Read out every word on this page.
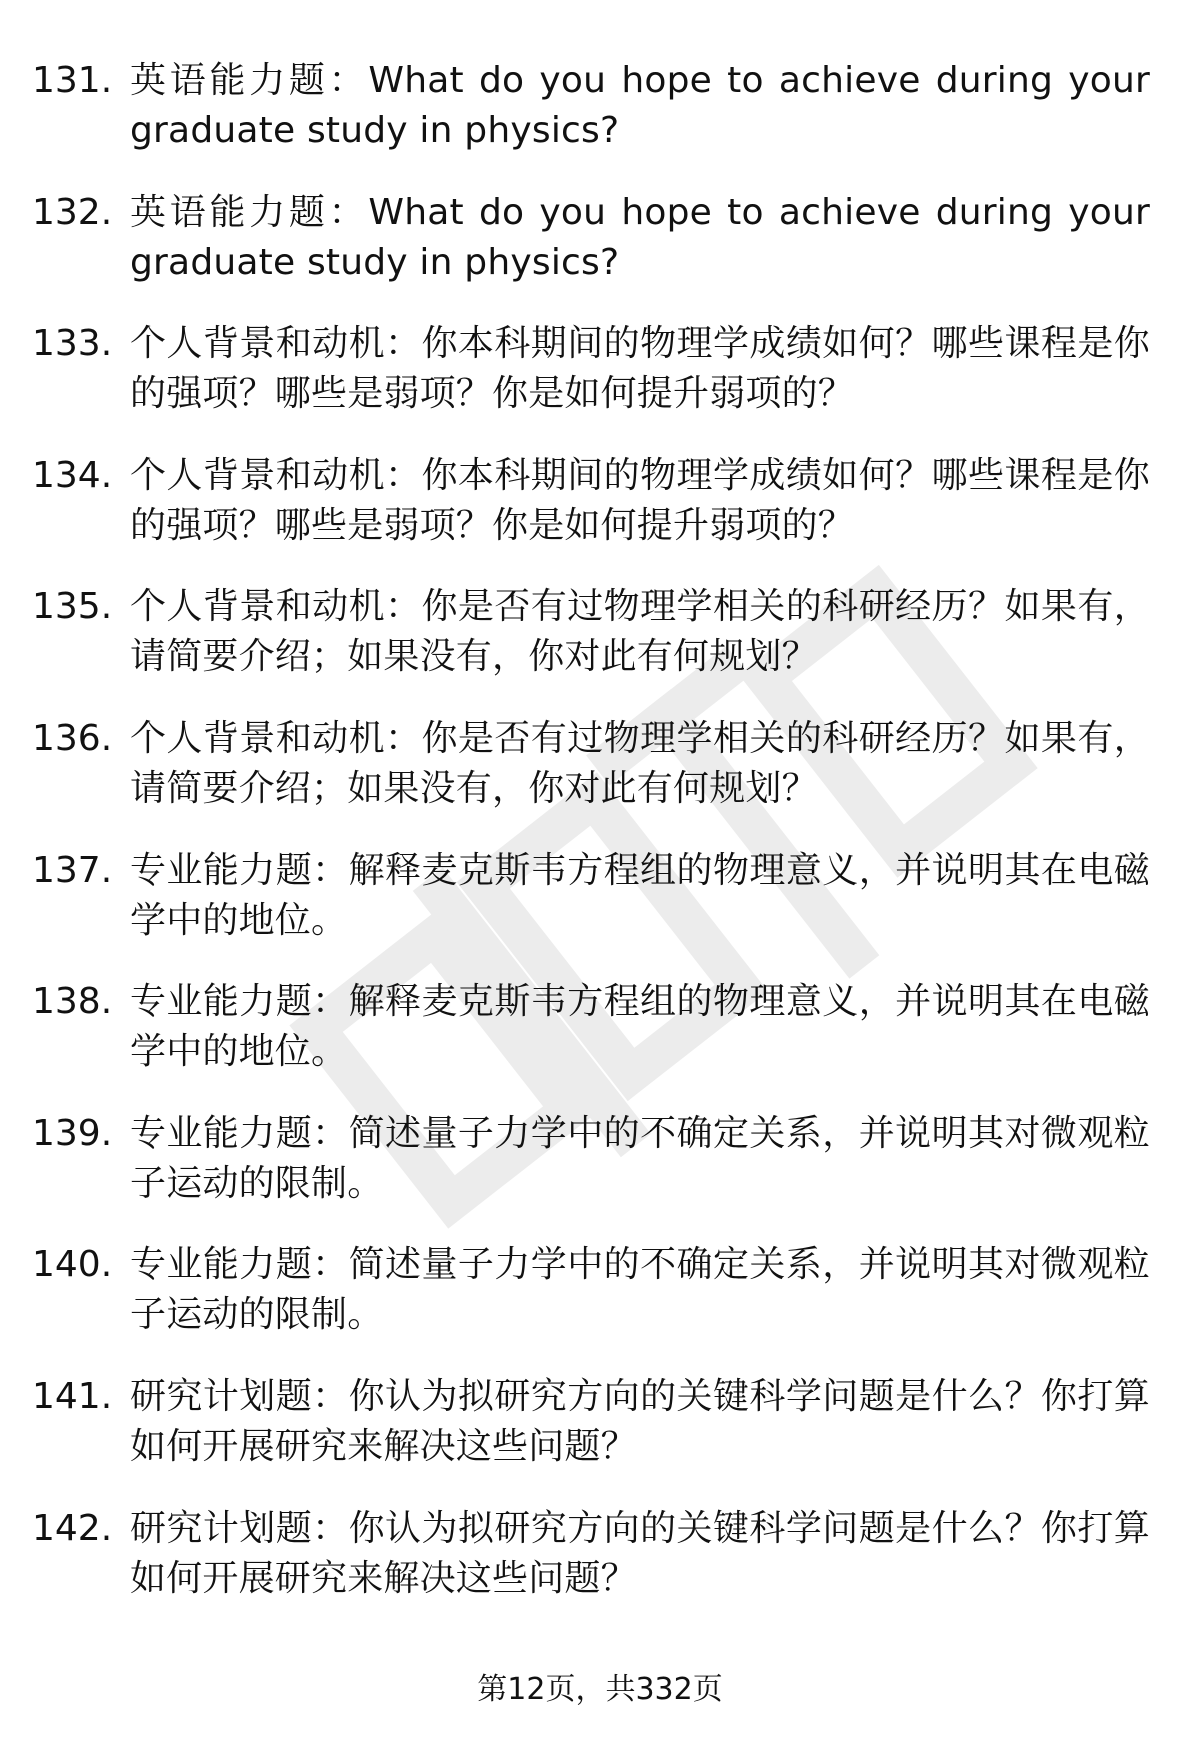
131. 英语能力题：What do you hope to achieve during your graduate study in physics?
132. 英语能力题：What do you hope to achieve during your graduate study in physics?
133. 个人背景和动机：你本科期间的物理学成绩如何？哪些课程是你的强项？哪些是弱项？你是如何提升弱项的？
134. 个人背景和动机：你本科期间的物理学成绩如何？哪些课程是你的强项？哪些是弱项？你是如何提升弱项的？
135. 个人背景和动机：你是否有过物理学相关的科研经历？如果有，请简要介绍；如果没有，你对此有何规划？
136. 个人背景和动机：你是否有过物理学相关的科研经历？如果有，请简要介绍；如果没有，你对此有何规划？
137. 专业能力题：解释麦克斯韦方程组的物理意义，并说明其在电磁学中的地位。
138. 专业能力题：解释麦克斯韦方程组的物理意义，并说明其在电磁学中的地位。
139. 专业能力题：简述量子力学中的不确定关系，并说明其对微观粒子运动的限制。
140. 专业能力题：简述量子力学中的不确定关系，并说明其对微观粒子运动的限制。
141. 研究计划题：你认为拟研究方向的关键科学问题是什么？你打算如何开展研究来解决这些问题？
142. 研究计划题：你认为拟研究方向的关键科学问题是什么？你打算如何开展研究来解决这些问题？
第12页，共332页
